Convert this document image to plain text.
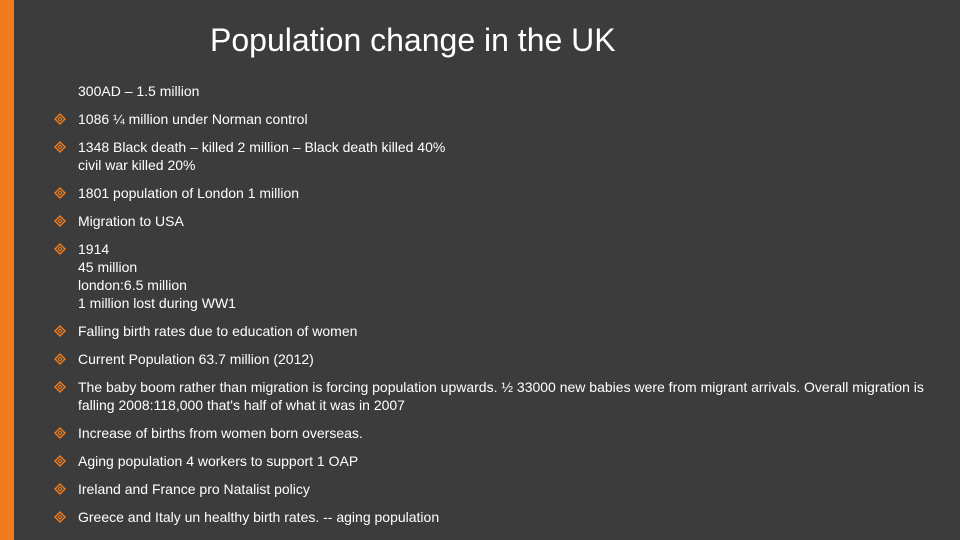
Population change in the UK
300AD – 1.5 million
1086 ¼ million under Norman control
1348 Black death – killed 2 million – Black death killed 40%
civil war killed 20%
1801 population of London 1 million
Migration to USA
1914
45 million
london:6.5 million
1 million lost during WW1
Falling birth rates due to education of women
Current Population 63.7 million (2012)
The baby boom rather than migration is forcing population upwards. ½ 33000 new babies were from migrant arrivals. Overall migration is falling 2008:118,000 that's half of what it was in 2007
Increase of births from women born overseas.
Aging population 4 workers to support 1 OAP
Ireland and France pro Natalist policy
Greece and Italy un healthy birth rates. -- aging population
